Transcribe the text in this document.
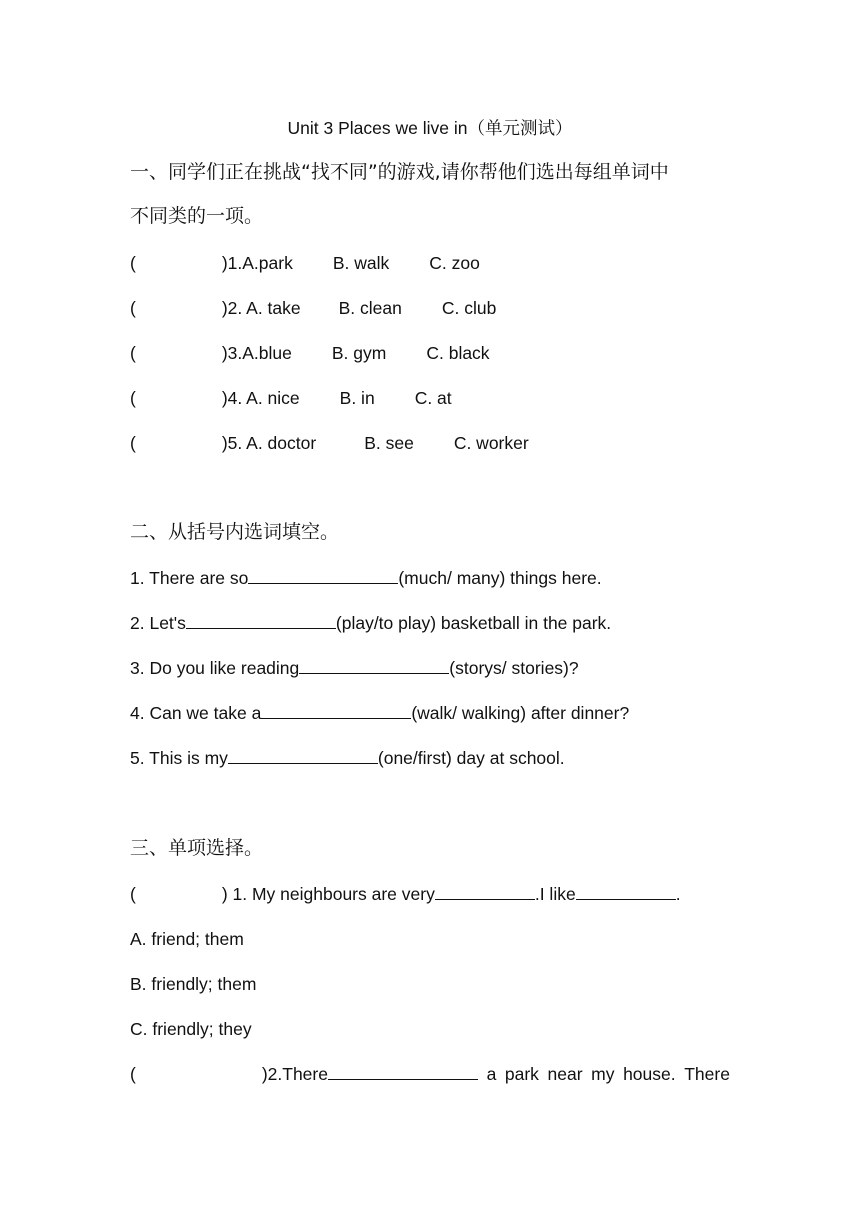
Unit 3 Places we live in（单元测试）

一、同学们正在挑战“找不同”的游戏,请你帮他们选出每组单词中

不同类的一项。

(	)1.A.park B. walk C. zoo

(	)2. A. take B. clean C. club

(	)3.A.blue B. gym C. black

(	)4. A. nice B. in C. at

(	)5. A. doctor	B. see C. worker

二、从括号内选词填空。

1. There are so	(much/ many) things here.

2. Let's	(play/to play) basketball in the park.

3. Do you like reading	(storys/ stories)?

4. Can we take a	(walk/ walking) after dinner?

5. This is my	(one/first) day at school.

三、单项选择。

(	) 1. My neighbours are very	.I like	.

A. friend; them

B. friendly; them

C. friendly; they

(	)2.There	a park near my house. There
